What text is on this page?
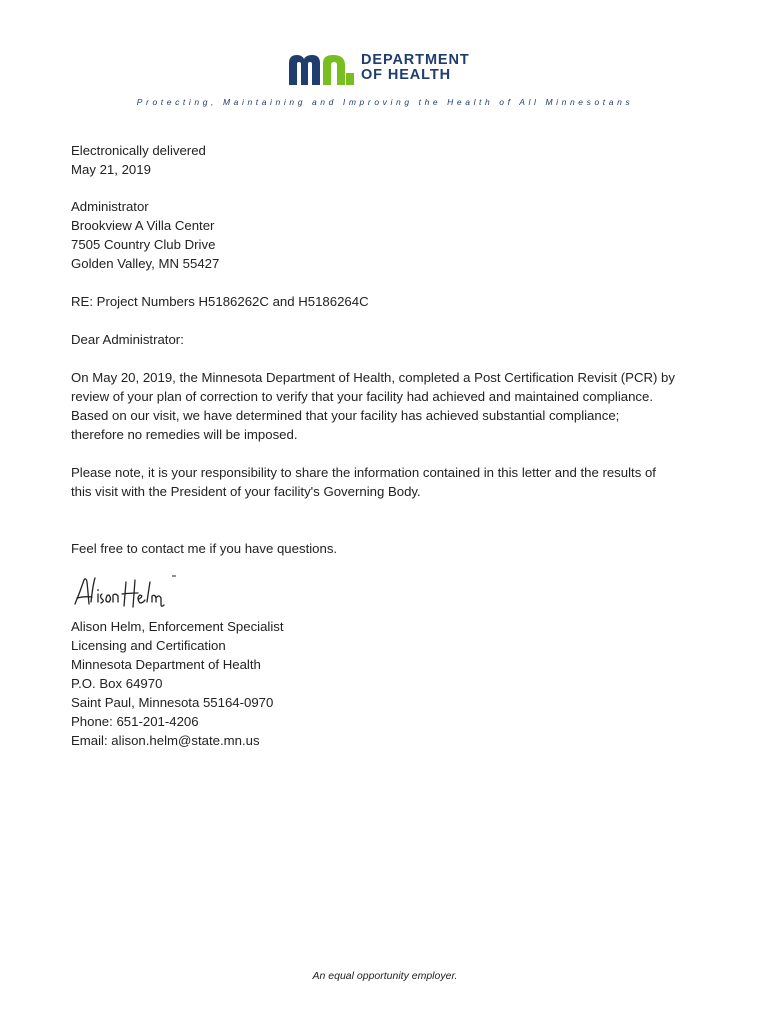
DEPARTMENT
OF HEALTH
Protecting, Maintaining and Improving the Health of All Minnesotans
Electronically delivered
May 21, 2019
Administrator
Brookview A Villa Center
7505 Country Club Drive
Golden Valley, MN 55427
RE: Project Numbers H5186262C and H5186264C
Dear Administrator:
On May 20, 2019, the Minnesota Department of Health, completed a Post Certification Revisit (PCR) by
review of your plan of correction to verify that your facility had achieved and maintained compliance.
Based on our visit, we have determined that your facility has achieved substantial compliance;
therefore no remedies will be imposed.
Please note, it is your responsibility to share the information contained in this letter and the results of
this visit with the President of your facility's Governing Body.
Feel free to contact me if you have questions.
Alison Helm, Enforcement Specialist
Licensing and Certification
Minnesota Department of Health
P.O. Box 64970
Saint Paul, Minnesota 55164-0970
Phone: 651-201-4206
Email: alison.helm@state.mn.us
An equal opportunity employer.
